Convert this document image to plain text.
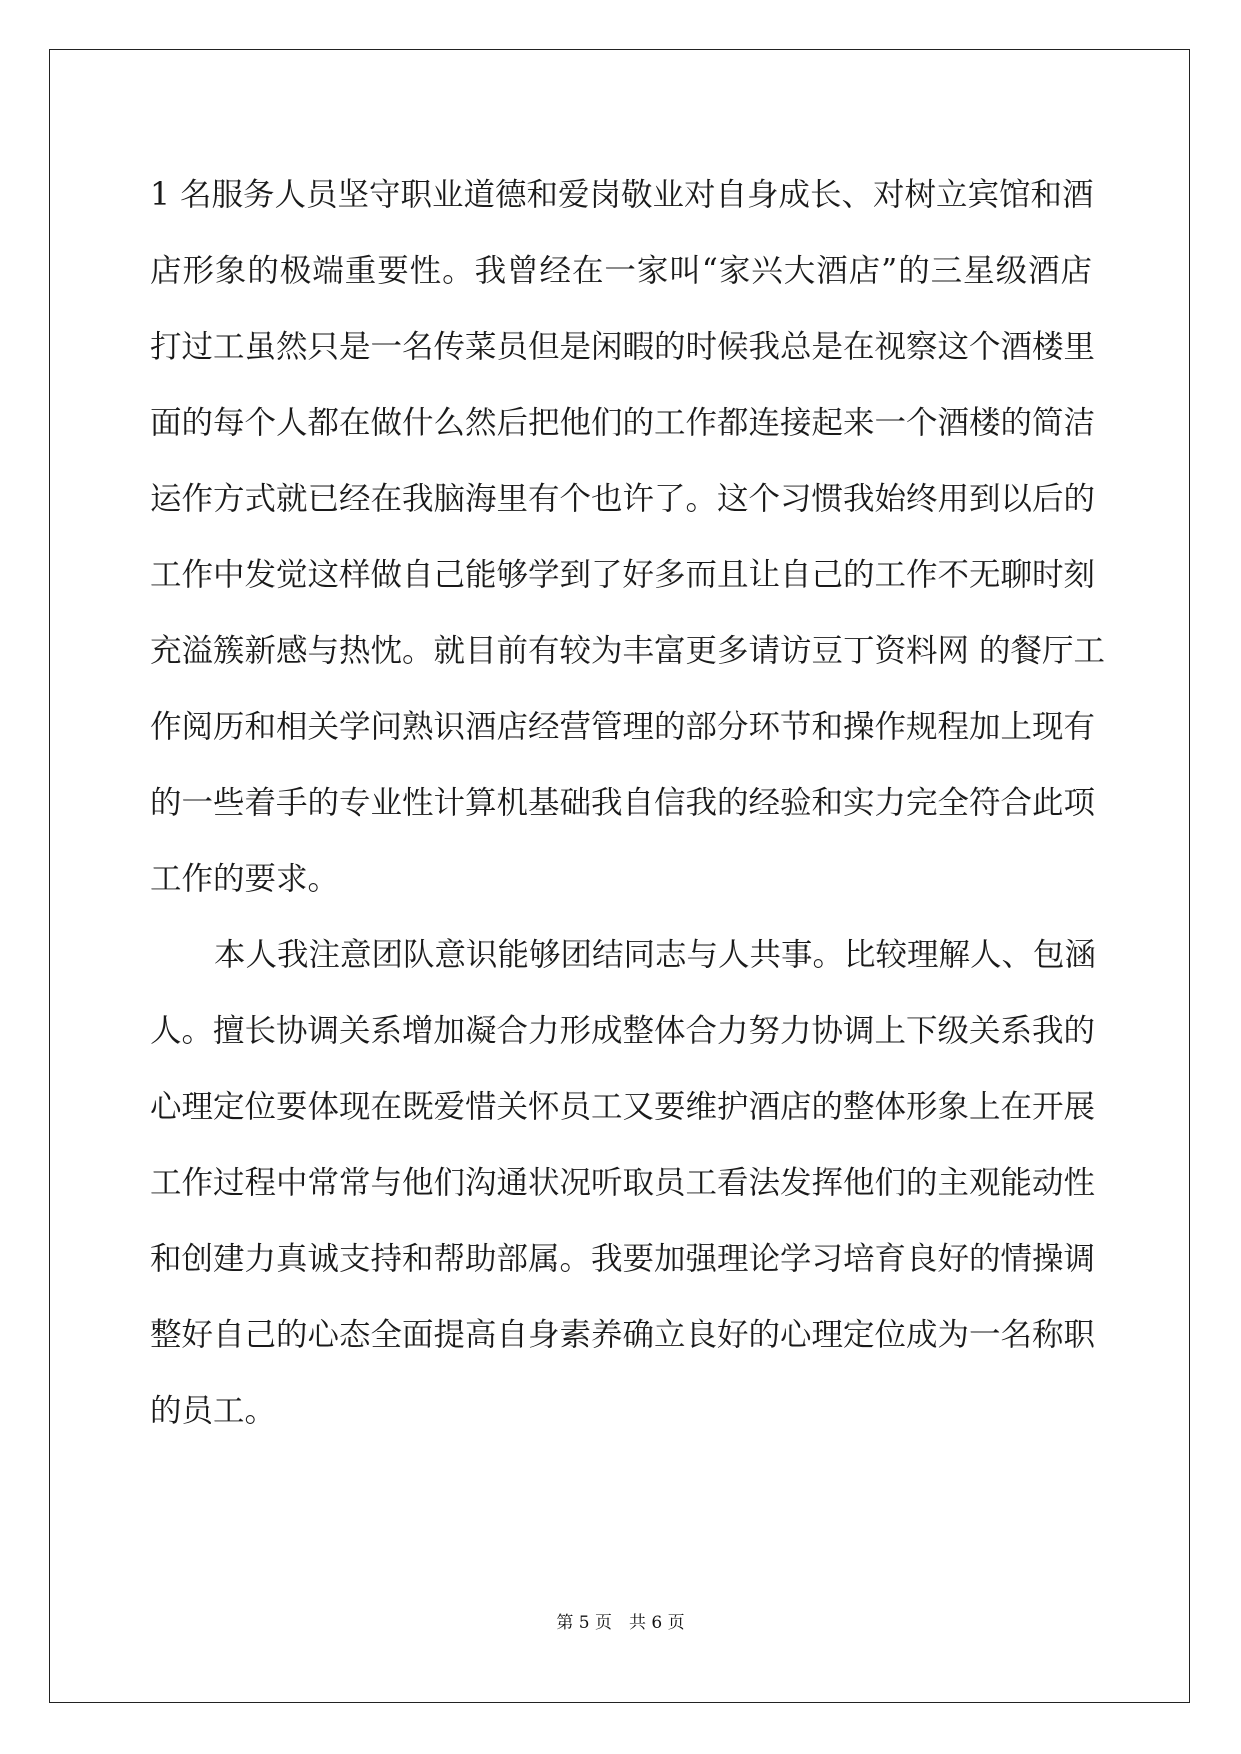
1 名服务人员坚守职业道德和爱岗敬业对自身成长、对树立宾馆和酒
店形象的极端重要性。我曾经在一家叫“家兴大酒店”的三星级酒店
打过工虽然只是一名传菜员但是闲暇的时候我总是在视察这个酒楼里
面的每个人都在做什么然后把他们的工作都连接起来一个酒楼的简洁
运作方式就已经在我脑海里有个也许了。这个习惯我始终用到以后的
工作中发觉这样做自己能够学到了好多而且让自己的工作不无聊时刻
充溢簇新感与热忱。就目前有较为丰富更多请访豆丁资料网 的餐厅工
作阅历和相关学问熟识酒店经营管理的部分环节和操作规程加上现有
的一些着手的专业性计算机基础我自信我的经验和实力完全符合此项
工作的要求。
本人我注意团队意识能够团结同志与人共事。比较理解人、包涵
人。擅长协调关系增加凝合力形成整体合力努力协调上下级关系我的
心理定位要体现在既爱惜关怀员工又要维护酒店的整体形象上在开展
工作过程中常常与他们沟通状况听取员工看法发挥他们的主观能动性
和创建力真诚支持和帮助部属。我要加强理论学习培育良好的情操调
整好自己的心态全面提高自身素养确立良好的心理定位成为一名称职
的员工。
第 5 页　共 6 页
